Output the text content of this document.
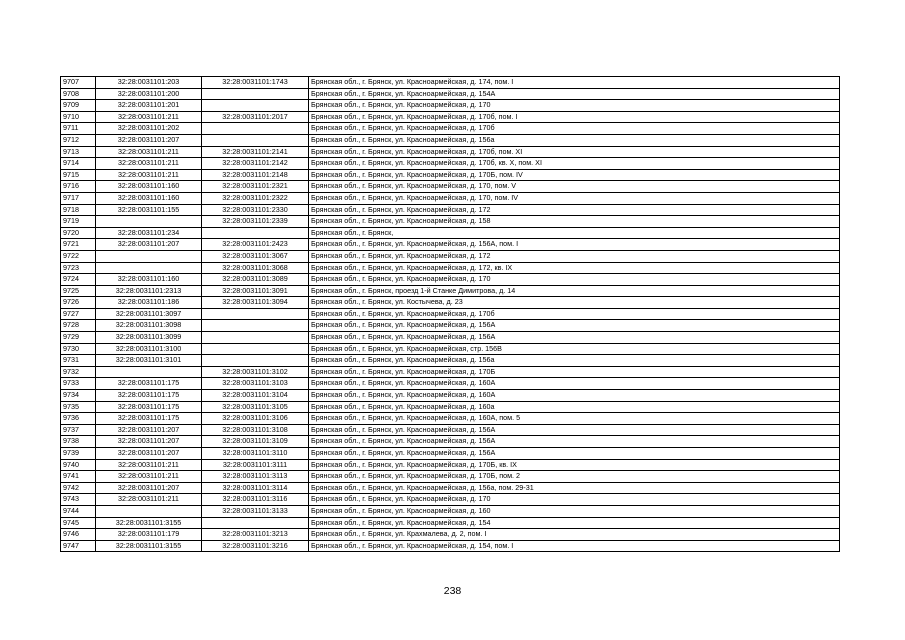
9707	32:28:0031101:203	32:28:0031101:1743	Брянская обл., г. Брянск, ул. Красноармейская, д. 174, пом. I
9708	32:28:0031101:200		Брянская обл., г. Брянск, ул. Красноармейская, д. 154А
9709	32:28:0031101:201		Брянская обл., г. Брянск, ул. Красноармейская, д. 170
9710	32:28:0031101:211	32:28:0031101:2017	Брянская обл., г. Брянск, ул. Красноармейская, д. 170б, пом. I
9711	32:28:0031101:202		Брянская обл., г. Брянск, ул. Красноармейская, д. 170б
9712	32:28:0031101:207		Брянская обл., г. Брянск, ул. Красноармейская, д. 156а
9713	32:28:0031101:211	32:28:0031101:2141	Брянская обл., г. Брянск, ул. Красноармейская, д. 170б, пом. XI
9714	32:28:0031101:211	32:28:0031101:2142	Брянская обл., г. Брянск, ул. Красноармейская, д. 170б, кв. Х, пом. XI
9715	32:28:0031101:211	32:28:0031101:2148	Брянская обл., г. Брянск, ул. Красноармейская, д. 170Б, пом. IV
9716	32:28:0031101:160	32:28:0031101:2321	Брянская обл., г. Брянск, ул. Красноармейская, д. 170, пом. V
9717	32:28:0031101:160	32:28:0031101:2322	Брянская обл., г. Брянск, ул. Красноармейская, д. 170, пом. IV
9718	32:28:0031101:155	32:28:0031101:2330	Брянская обл., г. Брянск, ул. Красноармейская, д. 172
9719		32:28:0031101:2339	Брянская обл., г. Брянск, ул. Красноармейская, д. 158
9720	32:28:0031101:234		Брянская обл., г. Брянск,
9721	32:28:0031101:207	32:28:0031101:2423	Брянская обл., г. Брянск, ул. Красноармейская, д. 156А, пом. I
9722		32:28:0031101:3067	Брянская обл., г. Брянск, ул. Красноармейская, д. 172
9723		32:28:0031101:3068	Брянская обл., г. Брянск, ул. Красноармейская, д. 172, кв. IX
9724	32:28:0031101:160	32:28:0031101:3089	Брянская обл., г. Брянск, ул. Красноармейская, д. 170
9725	32:28:0031101:2313	32:28:0031101:3091	Брянская обл., г. Брянск, проезд 1-й Станке Димитрова, д. 14
9726	32:28:0031101:186	32:28:0031101:3094	Брянская обл., г. Брянск, ул. Костычева, д. 23
9727	32:28:0031101:3097		Брянская обл., г. Брянск, ул. Красноармейская, д. 170б
9728	32:28:0031101:3098		Брянская обл., г. Брянск, ул. Красноармейская, д. 156А
9729	32:28:0031101:3099		Брянская обл., г. Брянск, ул. Красноармейская, д. 156А
9730	32:28:0031101:3100		Брянская обл., г. Брянск, ул. Красноармейская, стр. 156В
9731	32:28:0031101:3101		Брянская обл., г. Брянск, ул. Красноармейская, д. 156а
9732		32:28:0031101:3102	Брянская обл., г. Брянск, ул. Красноармейская, д. 170Б
9733	32:28:0031101:175	32:28:0031101:3103	Брянская обл., г. Брянск, ул. Красноармейская, д. 160А
9734	32:28:0031101:175	32:28:0031101:3104	Брянская обл., г. Брянск, ул. Красноармейская, д. 160А
9735	32:28:0031101:175	32:28:0031101:3105	Брянская обл., г. Брянск, ул. Красноармейская, д. 160а
9736	32:28:0031101:175	32:28:0031101:3106	Брянская обл., г. Брянск, ул. Красноармейская, д. 160А, пом. 5
9737	32:28:0031101:207	32:28:0031101:3108	Брянская обл., г. Брянск, ул. Красноармейская, д. 156А
9738	32:28:0031101:207	32:28:0031101:3109	Брянская обл., г. Брянск, ул. Красноармейская, д. 156А
9739	32:28:0031101:207	32:28:0031101:3110	Брянская обл., г. Брянск, ул. Красноармейская, д. 156А
9740	32:28:0031101:211	32:28:0031101:3111	Брянская обл., г. Брянск, ул. Красноармейская, д. 170Б, кв. IX
9741	32:28:0031101:211	32:28:0031101:3113	Брянская обл., г. Брянск, ул. Красноармейская, д. 170Б, пом. 2
9742	32:28:0031101:207	32:28:0031101:3114	Брянская обл., г. Брянск, ул. Красноармейская, д. 156а, пом. 29-31
9743	32:28:0031101:211	32:28:0031101:3116	Брянская обл., г. Брянск, ул. Красноармейская, д. 170
9744		32:28:0031101:3133	Брянская обл., г. Брянск, ул. Красноармейская, д. 160
9745	32:28:0031101:3155		Брянская обл., г. Брянск, ул. Красноармейская, д. 154
9746	32:28:0031101:179	32:28:0031101:3213	Брянская обл., г. Брянск, ул. Крахмалева, д. 2, пом. I
9747	32:28:0031101:3155	32:28:0031101:3216	Брянская обл., г. Брянск, ул. Красноармейская, д. 154, пом. I
238
